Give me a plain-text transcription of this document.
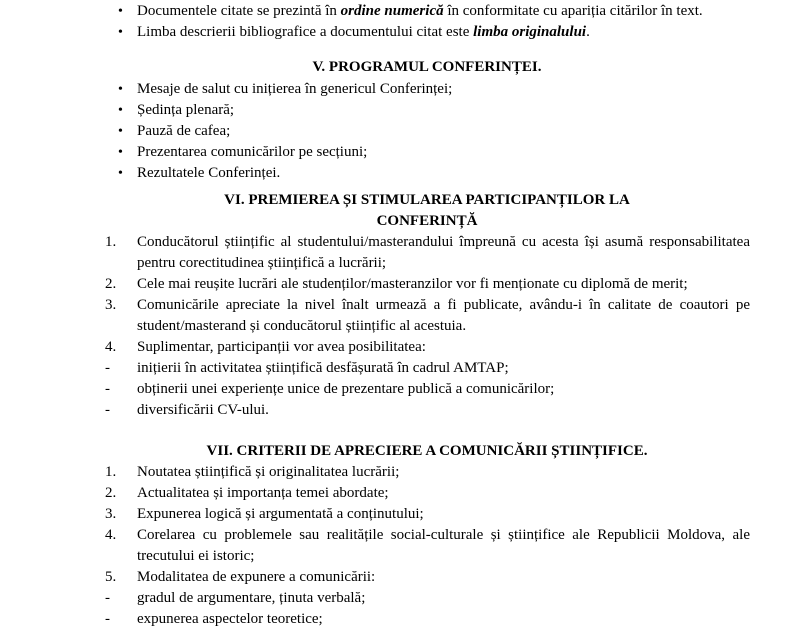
• Documentele citate se prezintă în ordine numerică în conformitate cu apariția citărilor în text.
• Limba descrierii bibliografice a documentului citat este limba originalului.
V. PROGRAMUL CONFERINȚEI.
• Mesaje de salut cu inițierea în genericul Conferinței;
• Ședința plenară;
• Pauză de cafea;
• Prezentarea comunicărilor pe secțiuni;
• Rezultatele Conferinței.
VI. PREMIEREA ȘI STIMULAREA PARTICIPANȚILOR LA
CONFERINȚĂ
1. Conducătorul științific al studentului/masterandului împreună cu acesta își asumă responsabilitatea pentru corectitudinea științifică a lucrării;
2. Cele mai reușite lucrări ale studenților/masteranzilor vor fi menționate cu diplomă de merit;
3. Comunicările apreciate la nivel înalt urmează a fi publicate, avându-i în calitate de coautori pe student/masterand și conducătorul științific al acestuia.
4. Suplimentar, participanții vor avea posibilitatea:
- inițierii în activitatea științifică desfășurată în cadrul AMTAP;
- obținerii unei experiențe unice de prezentare publică a comunicărilor;
- diversificării CV-ului.
VII. CRITERII DE APRECIERE A COMUNICĂRII ȘTIINȚIFICE.
1. Noutatea științifică și originalitatea lucrării;
2. Actualitatea și importanța temei abordate;
3. Expunerea logică și argumentată a conținutului;
4. Corelarea cu problemele sau realitățile social-culturale și științifice ale Republicii Moldova, ale trecutului ei istoric;
5. Modalitatea de expunere a comunicării:
- gradul de argumentare, ținuta verbală;
- expunerea aspectelor teoretice;
